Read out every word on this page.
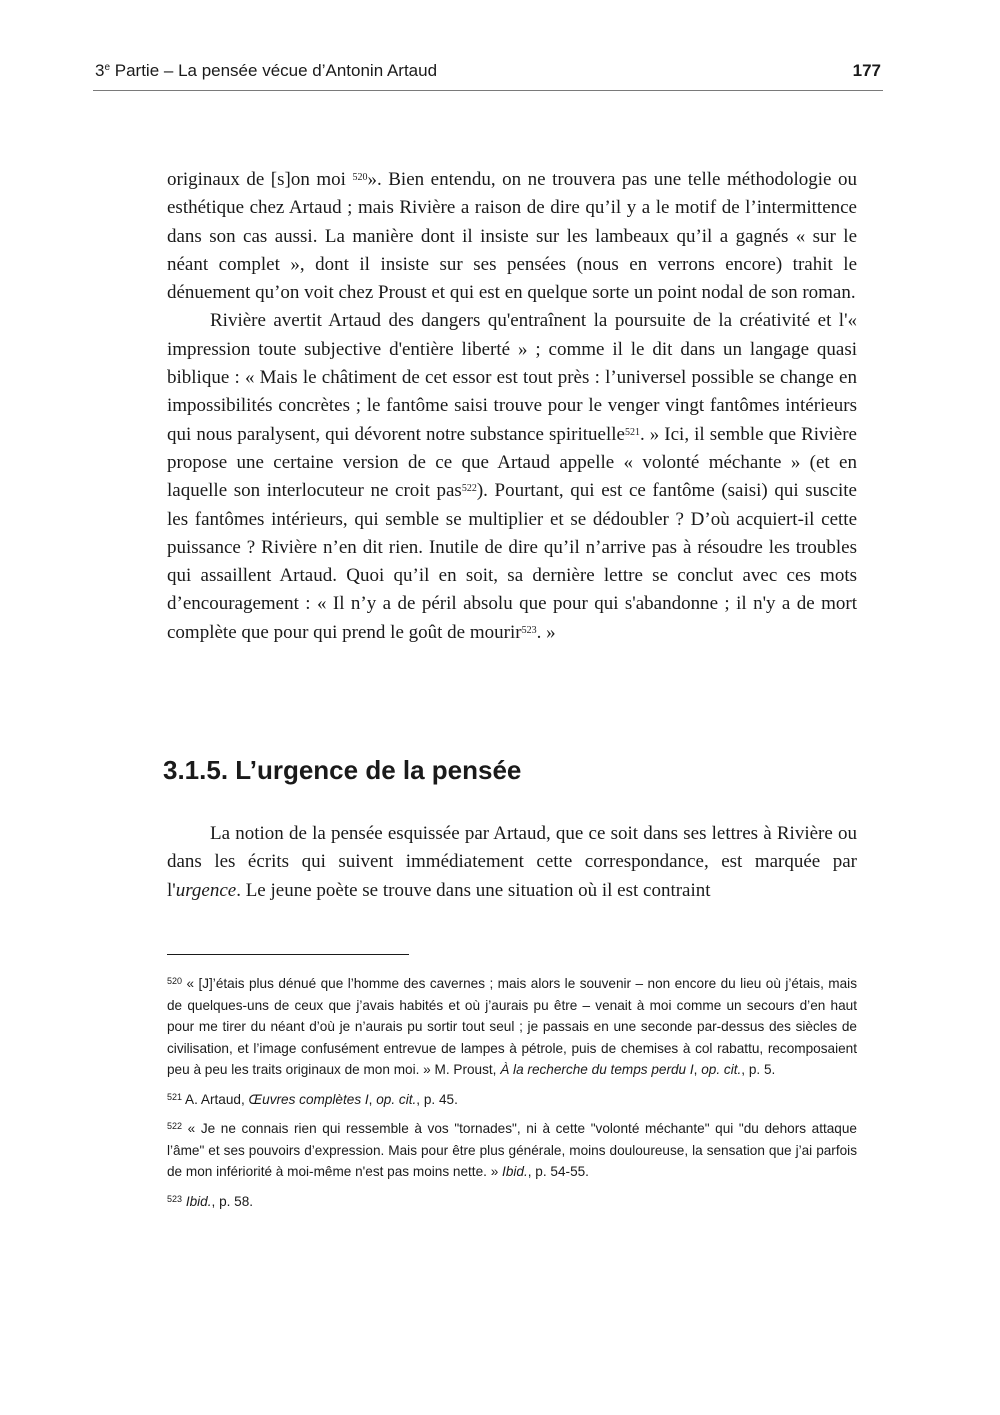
3e Partie – La pensée vécue d’Antonin Artaud	177

originaux de [s]on moi $^{520}$». Bien entendu, on ne trouvera pas une telle méthodologie ou esthétique chez Artaud ; mais Rivière a raison de dire qu’il y a le motif de l’intermittence dans son cas aussi. La manière dont il insiste sur les lambeaux qu’il a gagnés « sur le néant complet », dont il insiste sur ses pensées (nous en verrons encore) trahit le dénuement qu’on voit chez Proust et qui est en quelque sorte un point nodal de son roman.

Rivière avertit Artaud des dangers qu'entraînent la poursuite de la créativité et l'« impression toute subjective d'entière liberté » ; comme il le dit dans un langage quasi biblique : « Mais le châtiment de cet essor est tout près : l’universel possible se change en impossibilités concrètes ; le fantôme saisi trouve pour le venger vingt fantômes intérieurs qui nous paralysent, qui dévorent notre substance spirituelle$^{521}$. » Ici, il semble que Rivière propose une certaine version de ce que Artaud appelle « volonté méchante » (et en laquelle son interlocuteur ne croit pas$^{522}$). Pourtant, qui est ce fantôme (saisi) qui suscite les fantômes intérieurs, qui semble se multiplier et se dédoubler ? D’où acquiert-il cette puissance ? Rivière n’en dit rien. Inutile de dire qu’il n’arrive pas à résoudre les troubles qui assaillent Artaud. Quoi qu’il en soit, sa dernière lettre se conclut avec ces mots d’encouragement : « Il n’y a de péril absolu que pour qui s'abandonne ; il n'y a de mort complète que pour qui prend le goût de mourir$^{523}$. »

3.1.5. L’urgence de la pensée

La notion de la pensée esquissée par Artaud, que ce soit dans ses lettres à Rivière ou dans les écrits qui suivent immédiatement cette correspondance, est marquée par l'urgence. Le jeune poète se trouve dans une situation où il est contraint

$^{520}$ « [J]’étais plus dénué que l’homme des cavernes ; mais alors le souvenir – non encore du lieu où j’étais, mais de quelques-uns de ceux que j’avais habités et où j’aurais pu être – venait à moi comme un secours d’en haut pour me tirer du néant d’où je n’aurais pu sortir tout seul ; je passais en une seconde par-dessus des siècles de civilisation, et l’image confusément entrevue de lampes à pétrole, puis de chemises à col rabattu, recomposaient peu à peu les traits originaux de mon moi. » M. Proust, À la recherche du temps perdu I, op. cit., p. 5.

$^{521}$ A. Artaud, Œuvres complètes I, op. cit., p. 45.

$^{522}$ « Je ne connais rien qui ressemble à vos "tornades", ni à cette "volonté méchante" qui "du dehors attaque l’âme" et ses pouvoirs d’expression. Mais pour être plus générale, moins douloureuse, la sensation que j’ai parfois de mon infériorité à moi-même n'est pas moins nette. » Ibid., p. 54-55.

$^{523}$ Ibid., p. 58.
